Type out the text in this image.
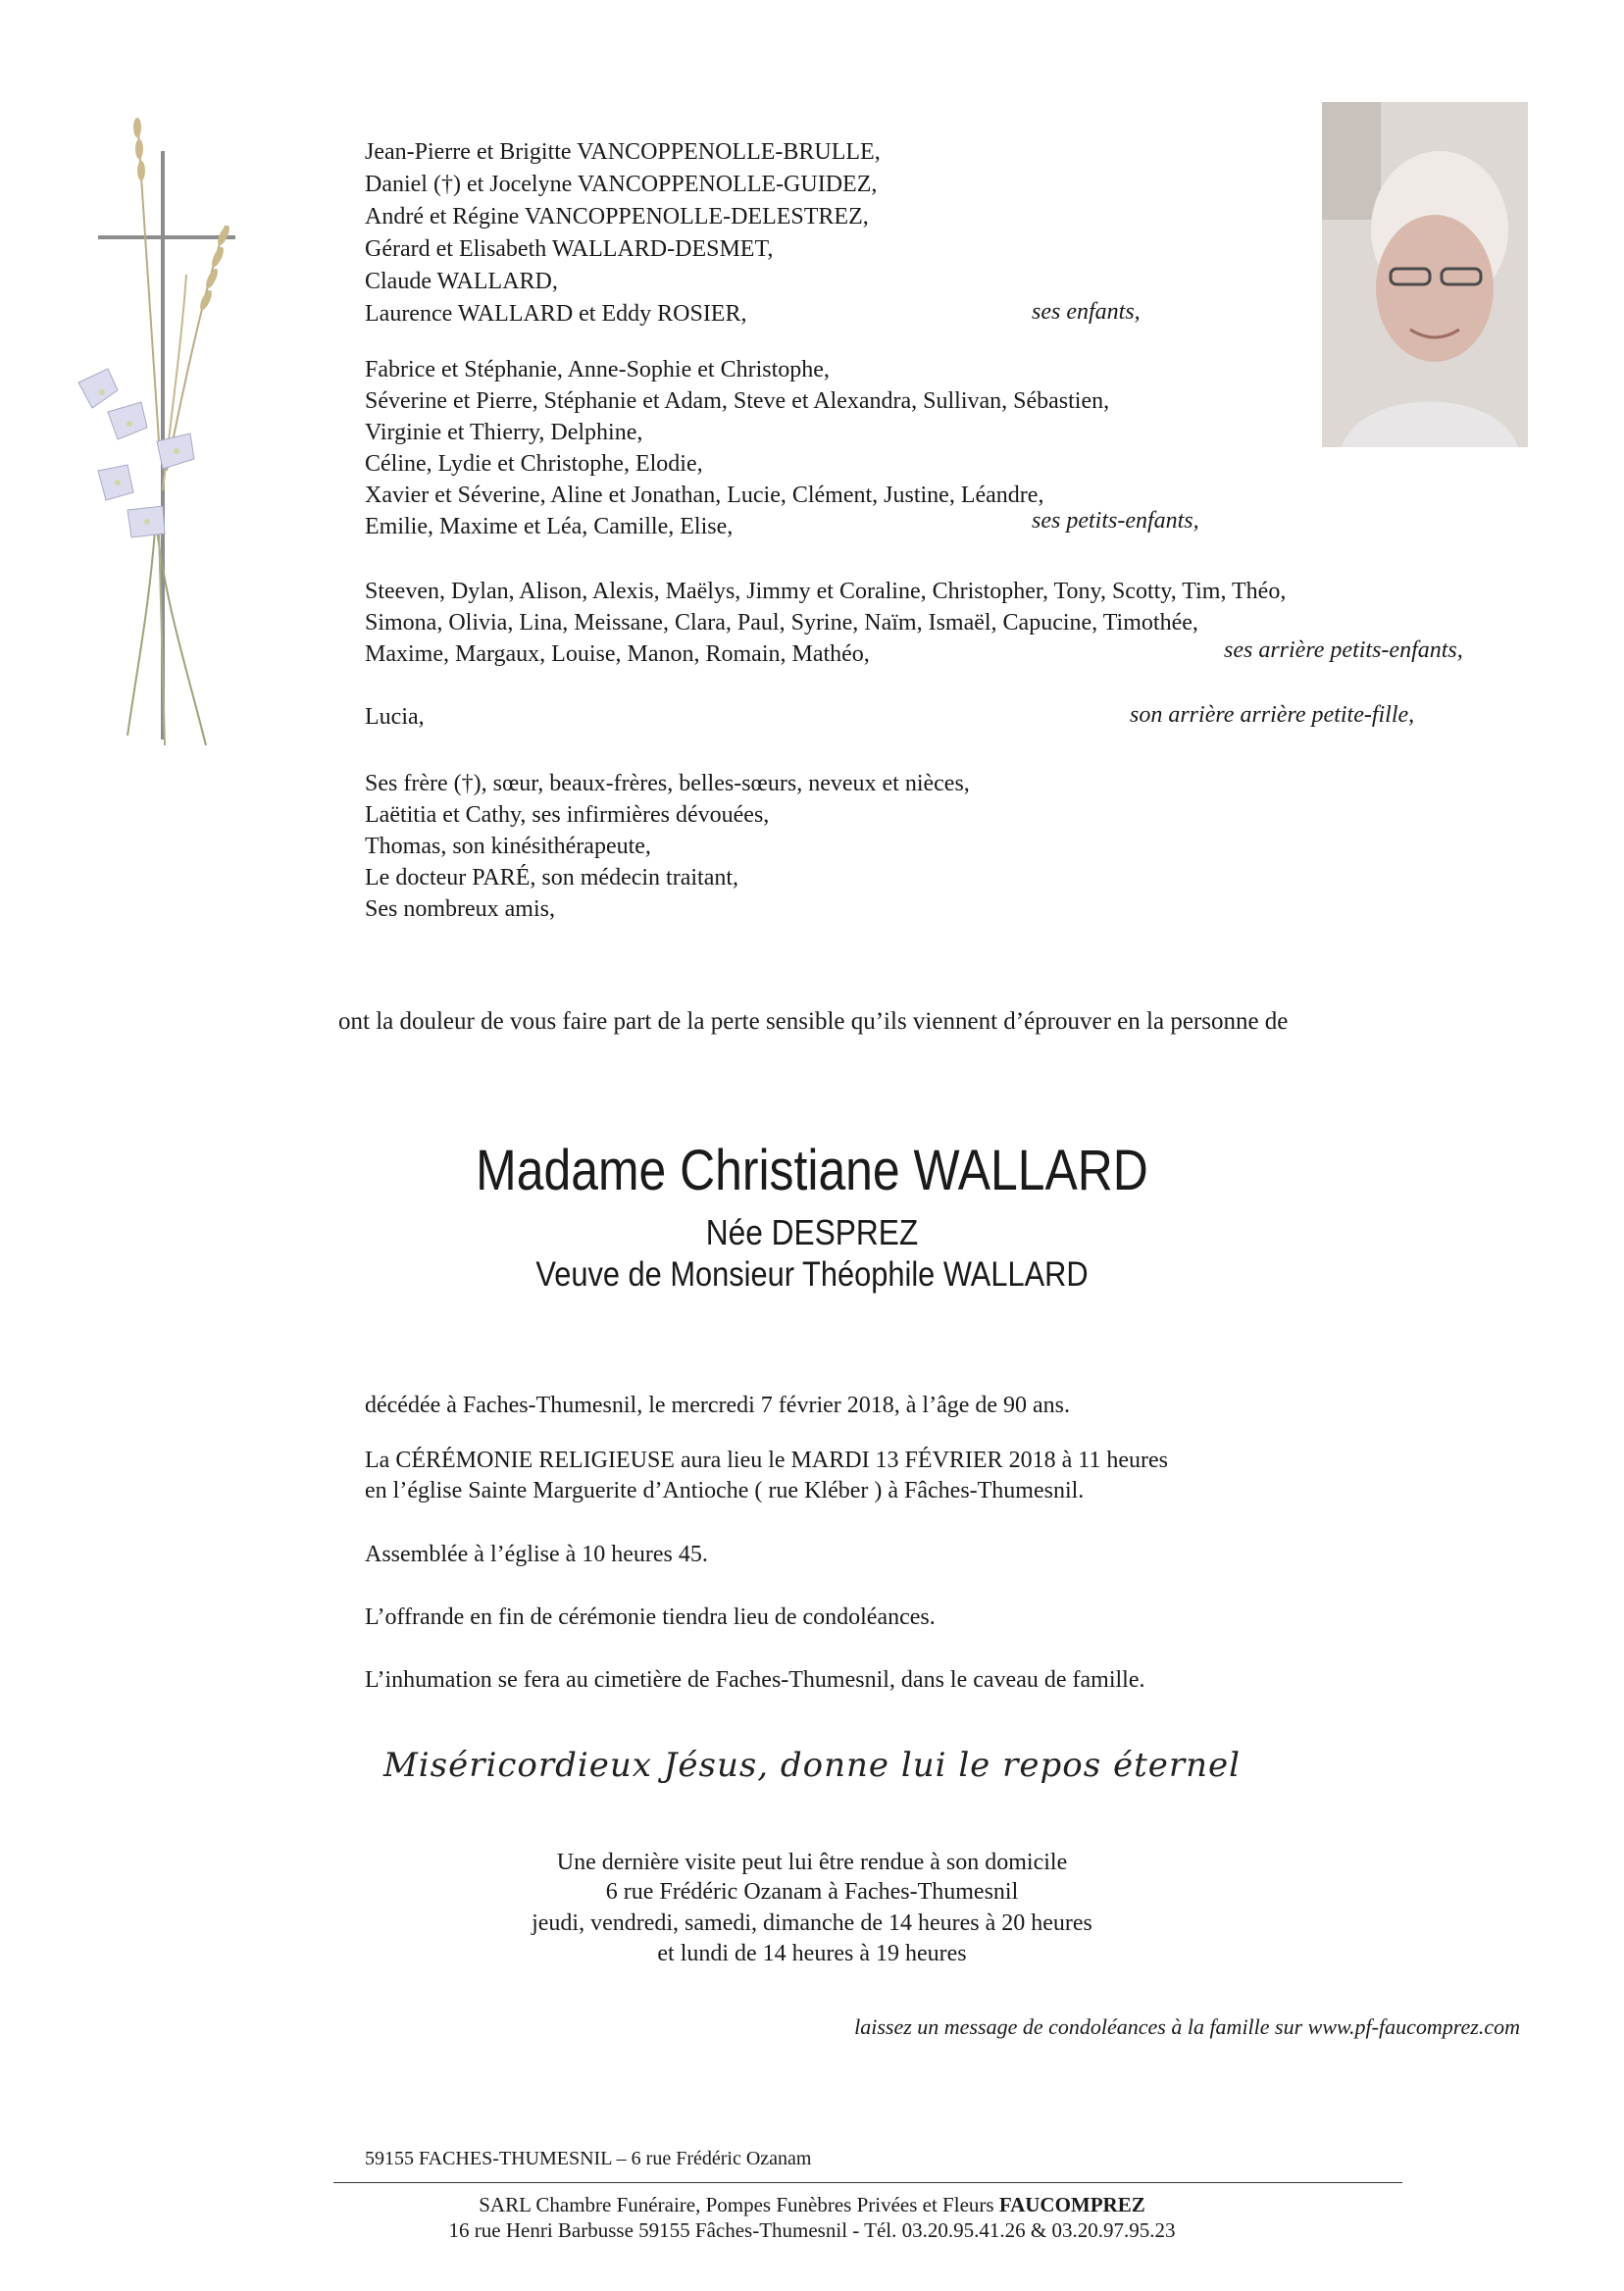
Jean-Pierre et Brigitte VANCOPPENOLLE-BRULLE,
Daniel (†) et Jocelyne VANCOPPENOLLE-GUIDEZ,
André et Régine VANCOPPENOLLE-DELESTREZ,
Gérard et Elisabeth WALLARD-DESMET,
Claude WALLARD,
Laurence WALLARD et Eddy ROSIER,	ses enfants,
Fabrice et Stéphanie, Anne-Sophie et Christophe,
Séverine et Pierre, Stéphanie et Adam, Steve et Alexandra, Sullivan, Sébastien,
Virginie et Thierry, Delphine,
Céline, Lydie et Christophe, Elodie,
Xavier et Séverine, Aline et Jonathan, Lucie, Clément, Justine, Léandre,
Emilie, Maxime et Léa, Camille, Elise,	ses petits-enfants,
Steeven, Dylan, Alison, Alexis, Maëlys, Jimmy et Coraline, Christopher, Tony, Scotty, Tim, Théo,
Simona, Olivia, Lina, Meissane, Clara, Paul, Syrine, Naïm, Ismaël, Capucine, Timothée,
Maxime, Margaux, Louise, Manon, Romain, Mathéo,	ses arrière petits-enfants,
Lucia,	son arrière arrière petite-fille,
Ses frère (†), sœur, beaux-frères, belles-sœurs, neveux et nièces,
Laëtitia et Cathy, ses infirmières dévouées,
Thomas, son kinésithérapeute,
Le docteur PARÉ, son médecin traitant,
Ses nombreux amis,
ont la douleur de vous faire part de la perte sensible qu’ils viennent d’éprouver en la personne de
Madame Christiane WALLARD
Née DESPREZ
Veuve de Monsieur Théophile WALLARD
décédée à Faches-Thumesnil, le mercredi 7 février 2018, à l’âge de 90 ans.
La CÉRÉMONIE RELIGIEUSE aura lieu le MARDI 13 FÉVRIER 2018 à 11 heures
en l’église Sainte Marguerite d’Antioche ( rue Kléber ) à Fâches-Thumesnil.
Assemblée à l’église à 10 heures 45.
L’offrande en fin de cérémonie tiendra lieu de condoléances.
L’inhumation se fera au cimetière de Faches-Thumesnil, dans le caveau de famille.
Miséricordieux Jésus, donne lui le repos éternel
Une dernière visite peut lui être rendue à son domicile
6 rue Frédéric Ozanam à Faches-Thumesnil
jeudi, vendredi, samedi, dimanche de 14 heures à 20 heures
et lundi de 14 heures à 19 heures
laissez un message de condoléances à la famille sur www.pf-faucomprez.com
59155 FACHES-THUMESNIL – 6 rue Frédéric Ozanam
SARL Chambre Funéraire, Pompes Funèbres Privées et Fleurs FAUCOMPREZ
16 rue Henri Barbusse 59155 Fâches-Thumesnil - Tél. 03.20.95.41.26 & 03.20.97.95.23
